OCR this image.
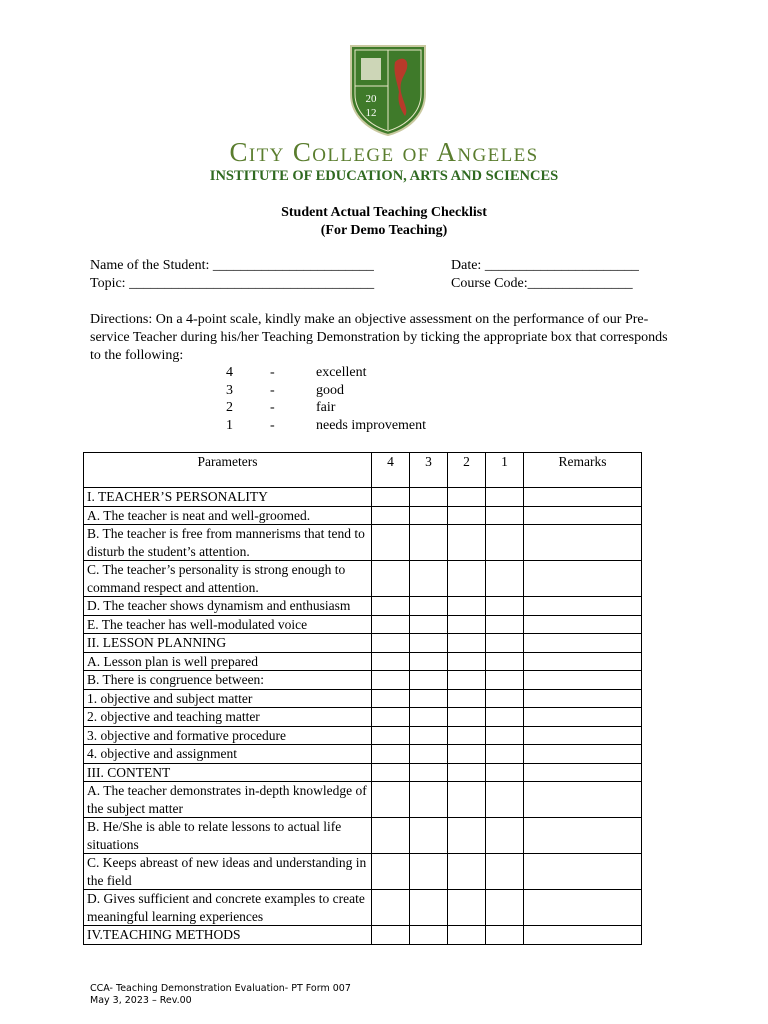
20
12
City College of Angeles
INSTITUTE OF EDUCATION, ARTS AND SCIENCES
Student Actual Teaching Checklist
(For Demo Teaching)
Name of the Student: _______________________	Date: ______________________
Topic: ___________________________________	Course Code:_______________
Directions: On a 4-point scale, kindly make an objective assessment on the performance of our Pre-service Teacher during his/her Teaching Demonstration by ticking the appropriate box that corresponds to the following:
4	-	excellent
3	-	good
2	-	fair
1	-	needs improvement
Parameters	4	3	2	1	Remarks
I. TEACHER’S PERSONALITY					
A. The teacher is neat and well-groomed.					
B. The teacher is free from mannerisms that tend to disturb the student’s attention.					
C. The teacher’s personality is strong enough to command respect and attention.					
D. The teacher shows dynamism and enthusiasm					
E. The teacher has well-modulated voice					
II. LESSON PLANNING					
A. Lesson plan is well prepared					
B. There is congruence between:					
1. objective and subject matter					
2. objective and teaching matter					
3. objective and formative procedure					
4. objective and assignment					
III. CONTENT					
A. The teacher demonstrates in-depth knowledge of the subject matter					
B. He/She is able to relate lessons to actual life situations					
C. Keeps abreast of new ideas and understanding in the field					
D. Gives sufficient and concrete examples to create meaningful learning experiences					
IV.TEACHING METHODS					
CCA- Teaching Demonstration Evaluation- PT Form 007
May 3, 2023 – Rev.00
